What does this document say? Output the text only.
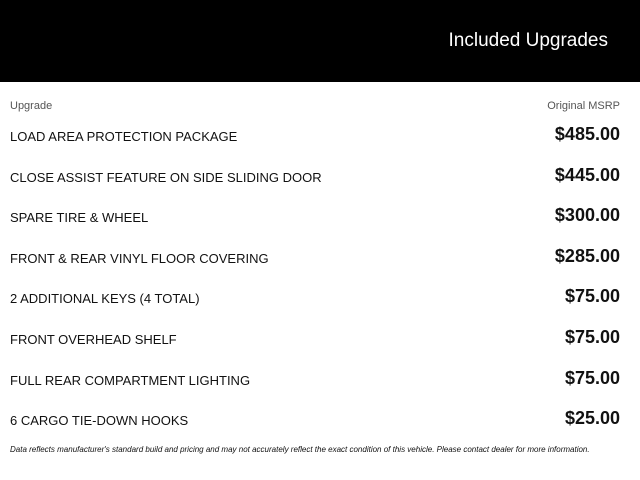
Included Upgrades
Upgrade	Original MSRP
LOAD AREA PROTECTION PACKAGE	$485.00
CLOSE ASSIST FEATURE ON SIDE SLIDING DOOR	$445.00
SPARE TIRE & WHEEL	$300.00
FRONT & REAR VINYL FLOOR COVERING	$285.00
2 ADDITIONAL KEYS (4 TOTAL)	$75.00
FRONT OVERHEAD SHELF	$75.00
FULL REAR COMPARTMENT LIGHTING	$75.00
6 CARGO TIE-DOWN HOOKS	$25.00
Data reflects manufacturer's standard build and pricing and may not accurately reflect the exact condition of this vehicle. Please contact dealer for more information.
